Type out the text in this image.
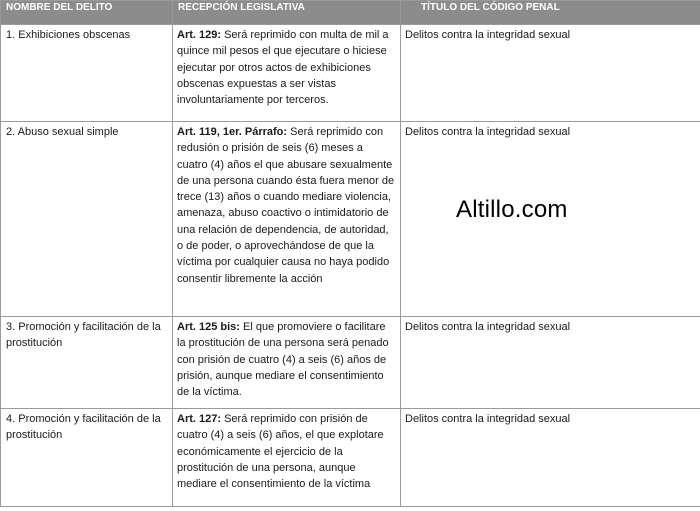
NOMBRE DEL DELITO	RECEPCIÓN LEGISLATIVA	TÍTULO DEL CÓDIGO PENAL
1. Exhibiciones obscenas	Art. 129: Será reprimido con multa de mil a quince mil pesos el que ejecutare o hiciese ejecutar por otros actos de exhibiciones obscenas expuestas a ser vistas involuntariamente por terceros.	Delitos contra la integridad sexual
2. Abuso sexual simple	Art. 119, 1er. Párrafo: Será reprimido con redusión o prisión de seis (6) meses a cuatro (4) años el que abusare sexualmente de una persona cuando ésta fuera menor de trece (13) años o cuando mediare violencia, amenaza, abuso coactivo o intimidatorio de una relación de dependencia, de autoridad, o de poder, o aprovechándose de que la víctima por cualquier causa no haya podido consentir libremente la acción	Delitos contra la integridad sexual
3. Promoción y facilitación de la prostitución	Art. 125 bis: El que promoviere o facilitare la prostitución de una persona será penado con prisión de cuatro (4) a seis (6) años de prisión, aunque mediare el consentimiento de la víctima.	Delitos contra la integridad sexual
4. Promoción y facilitación de la prostitución	Art. 127: Será reprimido con prisión de cuatro (4) a seis (6) años, el que explotare económicamente el ejercicio de la prostitución de una persona, aunque mediare el consentimiento de la víctima	Delitos contra la integridad sexual
Altillo.com
